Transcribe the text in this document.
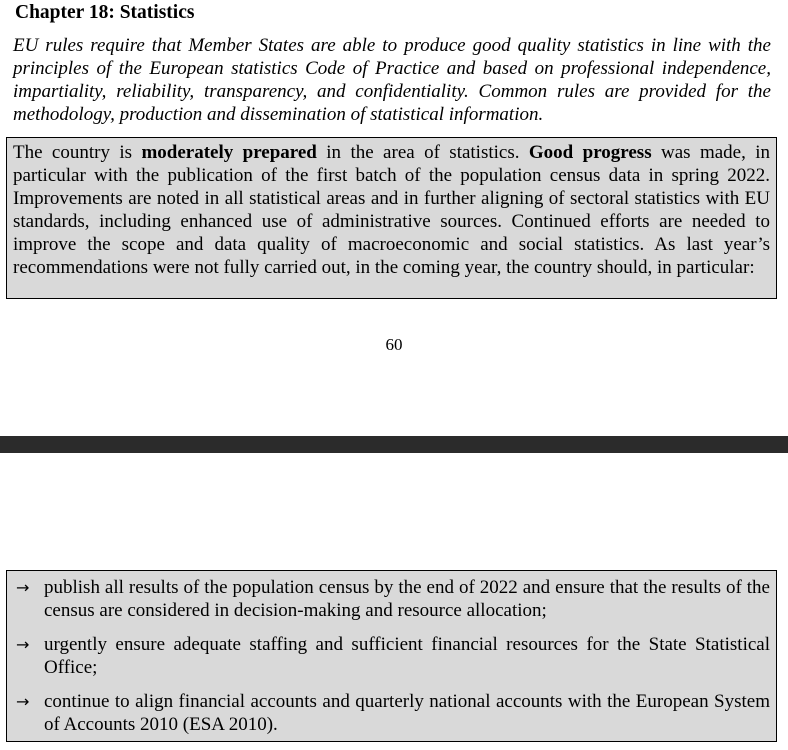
Chapter 18: Statistics
EU rules require that Member States are able to produce good quality statistics in line with the principles of the European statistics Code of Practice and based on professional independence, impartiality, reliability, transparency, and confidentiality. Common rules are provided for the methodology, production and dissemination of statistical information.
The country is moderately prepared in the area of statistics. Good progress was made, in particular with the publication of the first batch of the population census data in spring 2022. Improvements are noted in all statistical areas and in further aligning of sectoral statistics with EU standards, including enhanced use of administrative sources. Continued efforts are needed to improve the scope and data quality of macroeconomic and social statistics. As last year’s recommendations were not fully carried out, in the coming year, the country should, in particular:
60
→ publish all results of the population census by the end of 2022 and ensure that the results of the census are considered in decision-making and resource allocation;
→ urgently ensure adequate staffing and sufficient financial resources for the State Statistical Office;
→ continue to align financial accounts and quarterly national accounts with the European System of Accounts 2010 (ESA 2010).
